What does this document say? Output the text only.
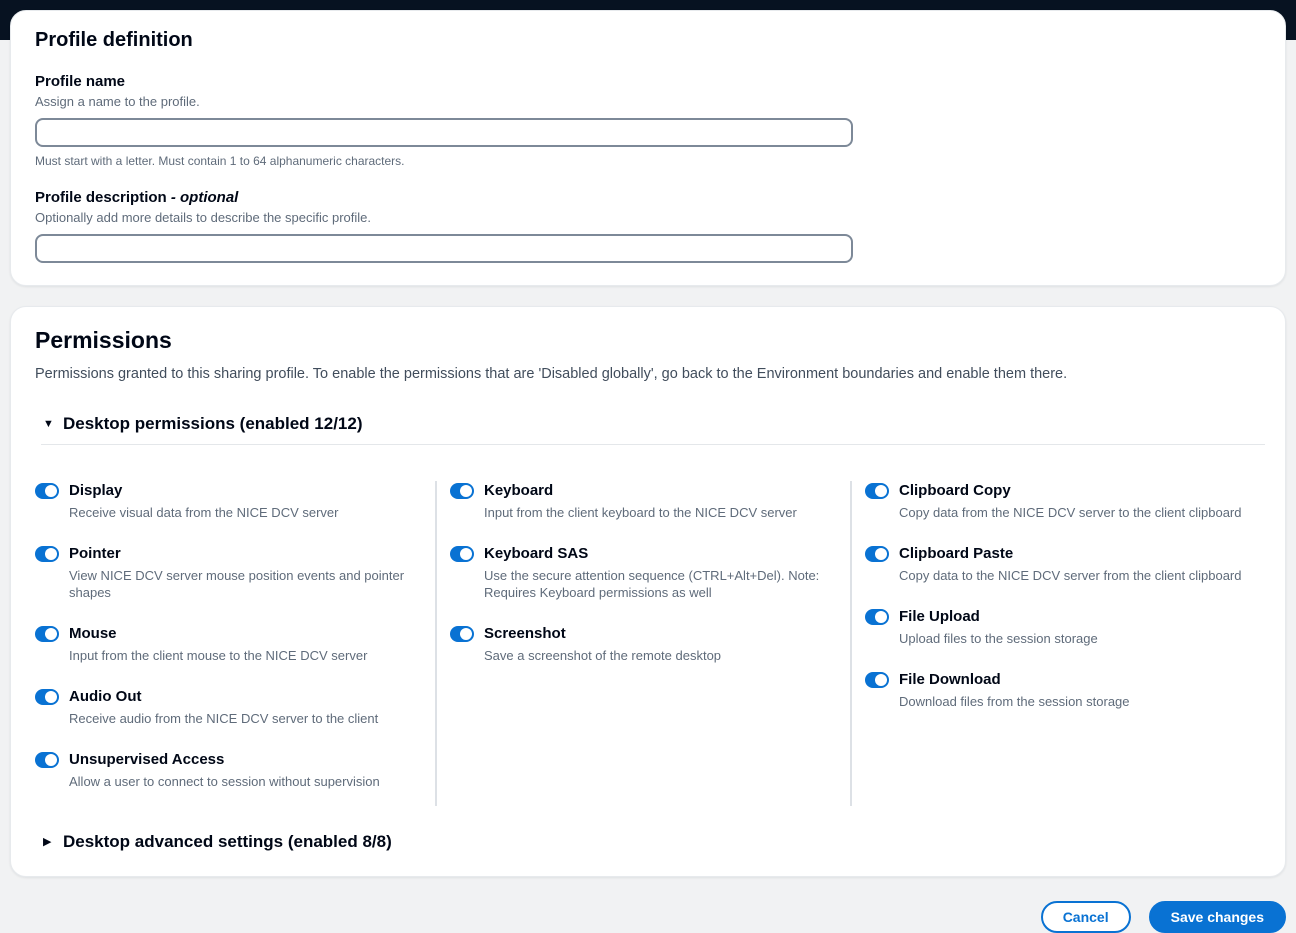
Profile definition
Profile name
Assign a name to the profile.
Must start with a letter. Must contain 1 to 64 alphanumeric characters.
Profile description - optional
Optionally add more details to describe the specific profile.
Permissions
Permissions granted to this sharing profile. To enable the permissions that are 'Disabled globally', go back to the Environment boundaries and enable them there.
▼ Desktop permissions (enabled 12/12)
Display
Receive visual data from the NICE DCV server
Pointer
View NICE DCV server mouse position events and pointer shapes
Mouse
Input from the client mouse to the NICE DCV server
Audio Out
Receive audio from the NICE DCV server to the client
Unsupervised Access
Allow a user to connect to session without supervision
Keyboard
Input from the client keyboard to the NICE DCV server
Keyboard SAS
Use the secure attention sequence (CTRL+Alt+Del). Note: Requires Keyboard permissions as well
Screenshot
Save a screenshot of the remote desktop
Clipboard Copy
Copy data from the NICE DCV server to the client clipboard
Clipboard Paste
Copy data to the NICE DCV server from the client clipboard
File Upload
Upload files to the session storage
File Download
Download files from the session storage
▶ Desktop advanced settings (enabled 8/8)
Cancel	Save changes
